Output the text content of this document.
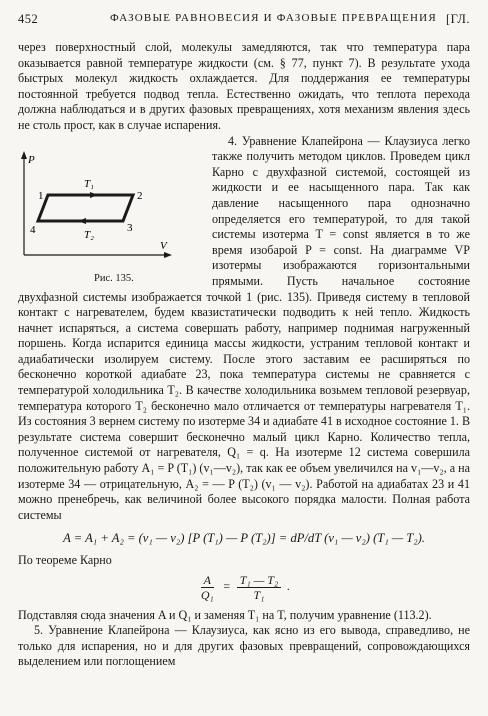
452	ФАЗОВЫЕ РАВНОВЕСИЯ И ФАЗОВЫЕ ПРЕВРАЩЕНИЯ [ГЛ.

через поверхностный слой, молекулы замедляются, так что температура пара оказывается равной температуре жидкости (см. § 77, пункт 7). В результате ухода быстрых молекул жидкость охлаждается. Для поддержания ее температуры постоянной требуется подвод тепла. Естественно ожидать, что теплота перехода должна наблюдаться и в других фазовых превращениях, хотя механизм явления здесь не столь прост, как в случае испарения.

P
V
T₁
T₂
1	2
3
4
Рис. 135.
4. Уравнение Клапейрона — Клаузиуса легко также получить методом циклов. Проведем цикл Карно с двухфазной системой, состоящей из жидкости и ее насыщенного пара. Так как давление насыщенного пара однозначно определяется его температурой, то для такой системы изотерма T = const является в то же время изобарой P = const. На диаграмме VP изотермы изображаются горизонтальными прямыми. Пусть начальное состояние двухфазной системы изображается точкой 1 (рис. 135). Приведя систему в тепловой контакт с нагревателем, будем квазистатически подводить к ней тепло. Жидкость начнет испаряться, а система совершать работу, например поднимая нагруженный поршень. Когда испарится единица массы жидкости, устраним тепловой контакт и адиабатически изолируем систему. После этого заставим ее расширяться по бесконечно короткой адиабате 23, пока температура системы не сравняется с температурой холодильника T₂. В качестве холодильника возьмем тепловой резервуар, температура которого T₂ бесконечно мало отличается от температуры нагревателя T₁. Из состояния 3 вернем систему по изотерме 34 и адиабате 41 в исходное состояние 1. В результате система совершит бесконечно малый цикл Карно. Количество тепла, полученное системой от нагревателя, Q₁ = q. На изотерме 12 система совершила положительную работу A₁ = P (T₁) (v₁—v₂), так как ее объем увеличился на v₁—v₂, а на изотерме 34 — отрицательную, A₂ = — P (T₂) (v₁ — v₂). Работой на адиабатах 23 и 41 можно пренебречь, как величиной более высокого порядка малости. Полная работа системы

A = A₁ + A₂ = (v₁ — v₂) [P (T₁) — P (T₂)] = dP/dT (v₁ — v₂) (T₁ — T₂).

По теореме Карно

$\frac{A}{\text{Q₁}} = \frac{\text{T₁ — T₂}}{\text{T₁}}$ .

Подставляя сюда значения A и Q₁ и заменяя T₁ на T, получим уравнение (113.2).

5. Уравнение Клапейрона — Клаузиуса, как ясно из его вывода, справедливо, не только для испарения, но и для других фазовых превращений, сопровождающихся выделением или поглощением
